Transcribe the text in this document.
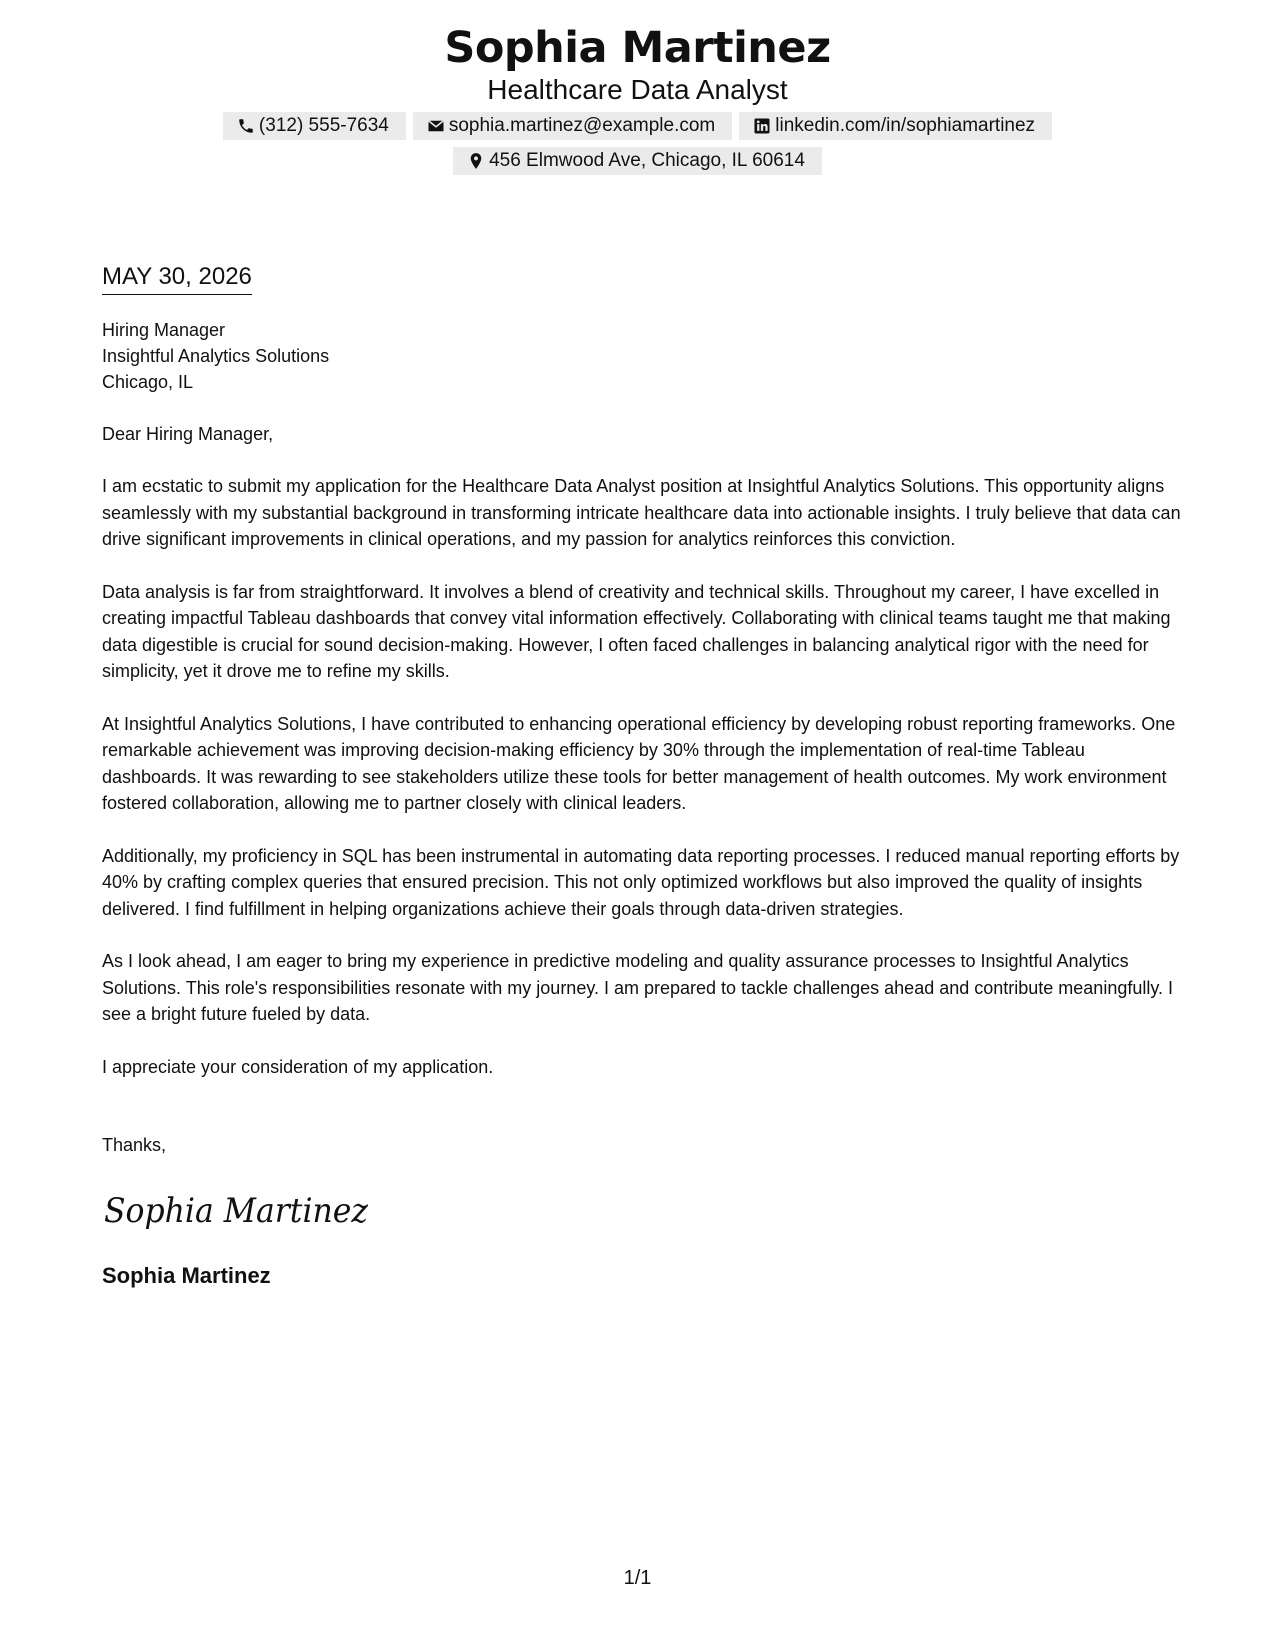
Sophia Martinez
Healthcare Data Analyst
(312) 555-7634	sophia.martinez@example.com	linkedin.com/in/sophiamartinez
456 Elmwood Ave, Chicago, IL 60614
MAY 30, 2026
Hiring Manager
Insightful Analytics Solutions
Chicago, IL
Dear Hiring Manager,

I am ecstatic to submit my application for the Healthcare Data Analyst position at Insightful Analytics Solutions. This opportunity aligns seamlessly with my substantial background in transforming intricate healthcare data into actionable insights. I truly believe that data can drive significant improvements in clinical operations, and my passion for analytics reinforces this conviction.

Data analysis is far from straightforward. It involves a blend of creativity and technical skills. Throughout my career, I have excelled in creating impactful Tableau dashboards that convey vital information effectively. Collaborating with clinical teams taught me that making data digestible is crucial for sound decision-making. However, I often faced challenges in balancing analytical rigor with the need for simplicity, yet it drove me to refine my skills.

At Insightful Analytics Solutions, I have contributed to enhancing operational efficiency by developing robust reporting frameworks. One remarkable achievement was improving decision-making efficiency by 30% through the implementation of real-time Tableau dashboards. It was rewarding to see stakeholders utilize these tools for better management of health outcomes. My work environment fostered collaboration, allowing me to partner closely with clinical leaders.

Additionally, my proficiency in SQL has been instrumental in automating data reporting processes. I reduced manual reporting efforts by 40% by crafting complex queries that ensured precision. This not only optimized workflows but also improved the quality of insights delivered. I find fulfillment in helping organizations achieve their goals through data-driven strategies.

As I look ahead, I am eager to bring my experience in predictive modeling and quality assurance processes to Insightful Analytics Solutions. This role's responsibilities resonate with my journey. I am prepared to tackle challenges ahead and contribute meaningfully. I see a bright future fueled by data.

I appreciate your consideration of my application.

Thanks,
Sophia Martinez
Sophia Martinez
1/1
